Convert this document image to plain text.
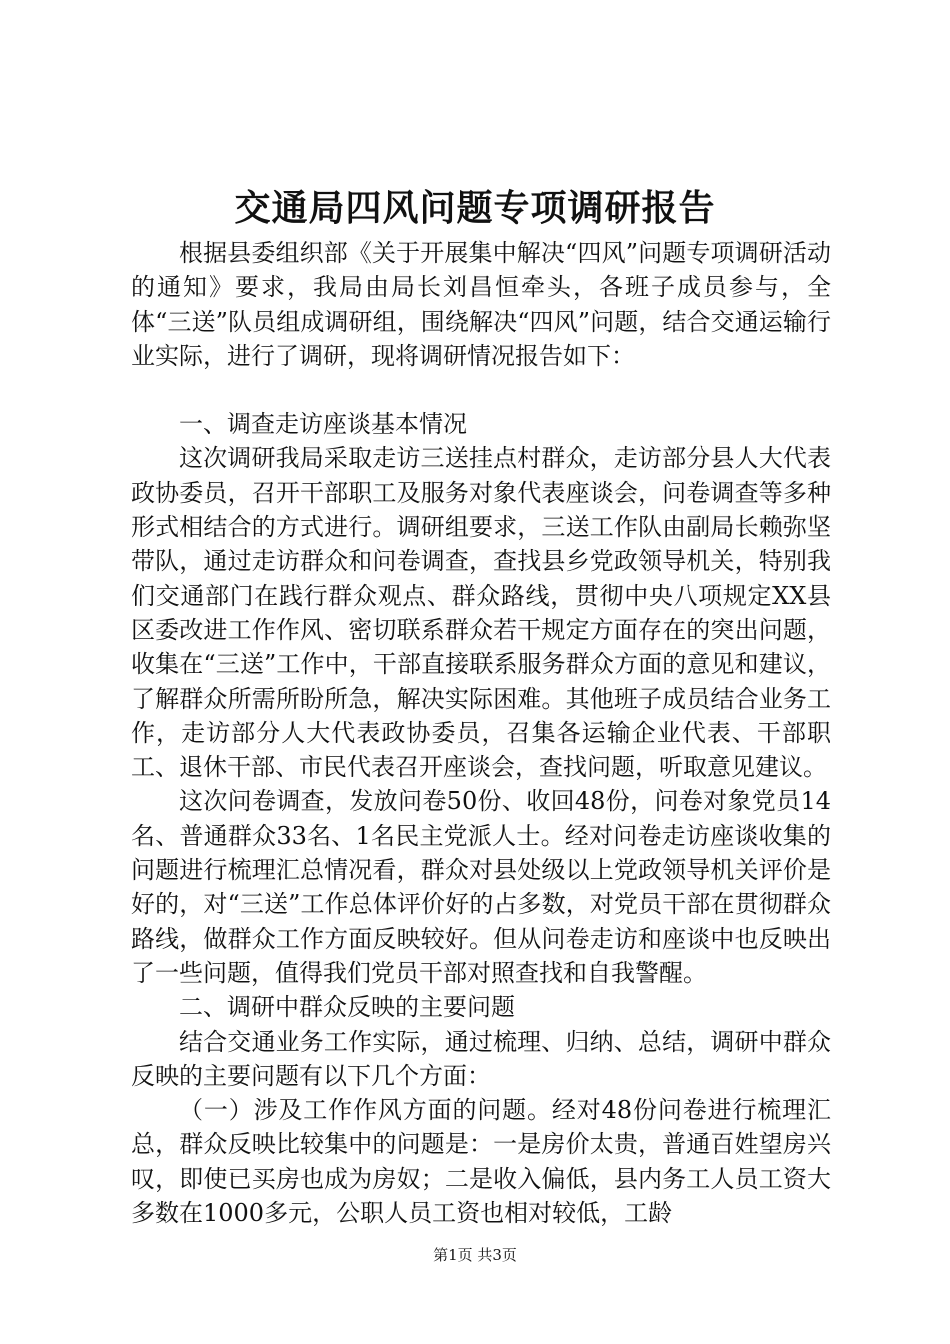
交通局四风问题专项调研报告

根据县委组织部《关于开展集中解决“四风”问题专项调研活动的通知》要求，我局由局长刘昌恒牵头，各班子成员参与，全体“三送”队员组成调研组，围绕解决“四风”问题，结合交通运输行业实际，进行了调研，现将调研情况报告如下：

一、调查走访座谈基本情况

这次调研我局采取走访三送挂点村群众，走访部分县人大代表政协委员，召开干部职工及服务对象代表座谈会，问卷调查等多种形式相结合的方式进行。调研组要求，三送工作队由副局长赖弥坚带队，通过走访群众和问卷调查，查找县乡党政领导机关，特别我们交通部门在践行群众观点、群众路线，贯彻中央八项规定XX县区委改进工作作风、密切联系群众若干规定方面存在的突出问题，收集在“三送”工作中，干部直接联系服务群众方面的意见和建议，了解群众所需所盼所急，解决实际困难。其他班子成员结合业务工作，走访部分人大代表政协委员，召集各运输企业代表、干部职工、退休干部、市民代表召开座谈会，查找问题，听取意见建议。

这次问卷调查，发放问卷50份、收回48份，问卷对象党员14名、普通群众33名、1名民主党派人士。经对问卷走访座谈收集的问题进行梳理汇总情况看，群众对县处级以上党政领导机关评价是好的，对“三送”工作总体评价好的占多数，对党员干部在贯彻群众路线，做群众工作方面反映较好。但从问卷走访和座谈中也反映出了一些问题，值得我们党员干部对照查找和自我警醒。

二、调研中群众反映的主要问题

结合交通业务工作实际，通过梳理、归纳、总结，调研中群众反映的主要问题有以下几个方面：

（一）涉及工作作风方面的问题。经对48份问卷进行梳理汇总，群众反映比较集中的问题是：一是房价太贵，普通百姓望房兴叹，即使已买房也成为房奴；二是收入偏低，县内务工人员工资大多数在1000多元，公职人员工资也相对较低，工龄

第1页 共3页
